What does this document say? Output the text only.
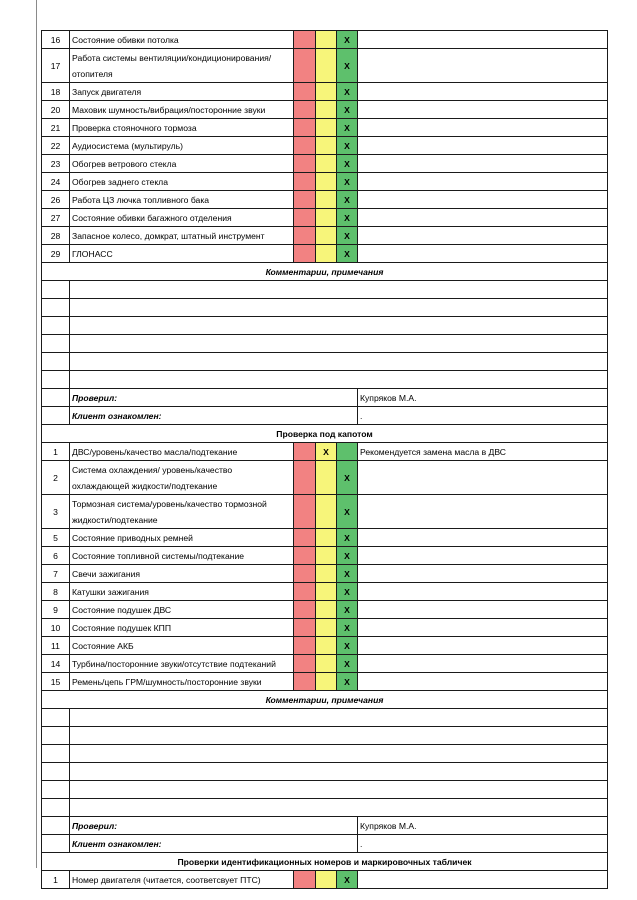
16	Состояние обивки потолка			X	
17	Работа системы вентиляции/кондиционирования/ отопителя			X	
18	Запуск двигателя			X	
20	Маховик шумность/вибрация/посторонние звуки			X	
21	Проверка стояночного тормоза			X	
22	Аудиосистема (мультируль)			X	
23	Обогрев ветрового стекла			X	
24	Обогрев заднего стекла			X	
26	Работа ЦЗ лючка топливного бака			X	
27	Состояние обивки багажного отделения			X	
28	Запасное колесо, домкрат, штатный инструмент			X	
29	ГЛОНАСС			X	
Комментарии, примечания					

	Проверил:				Купряков М.А.
	Клиент ознакомлен:				.
Проверка под капотом					
1	ДВС/уровень/качество масла/подтекание		X		Рекомендуется замена масла в ДВС
2	Система охлаждения/ уровень/качество охлаждающей жидкости/подтекание			X	
3	Тормозная система/уровень/качество тормозной жидкости/подтекание			X	
5	Состояние приводных ремней			X	
6	Состояние топливной системы/подтекание			X	
7	Свечи зажигания			X	
8	Катушки зажигания			X	
9	Состояние подушек ДВС			X	
10	Состояние подушек КПП			X	
11	Состояние АКБ			X	
14	Турбина/посторонние звуки/отсутствие подтеканий			X	
15	Ремень/цепь ГРМ/шумность/посторонние звуки			X	
Комментарии, примечания					

	Проверил:				Купряков М.А.
	Клиент ознакомлен:				.
Проверки идентификационных номеров и маркировочных табличек					
1	Номер двигателя (читается, соответсвует ПТС)			X	
